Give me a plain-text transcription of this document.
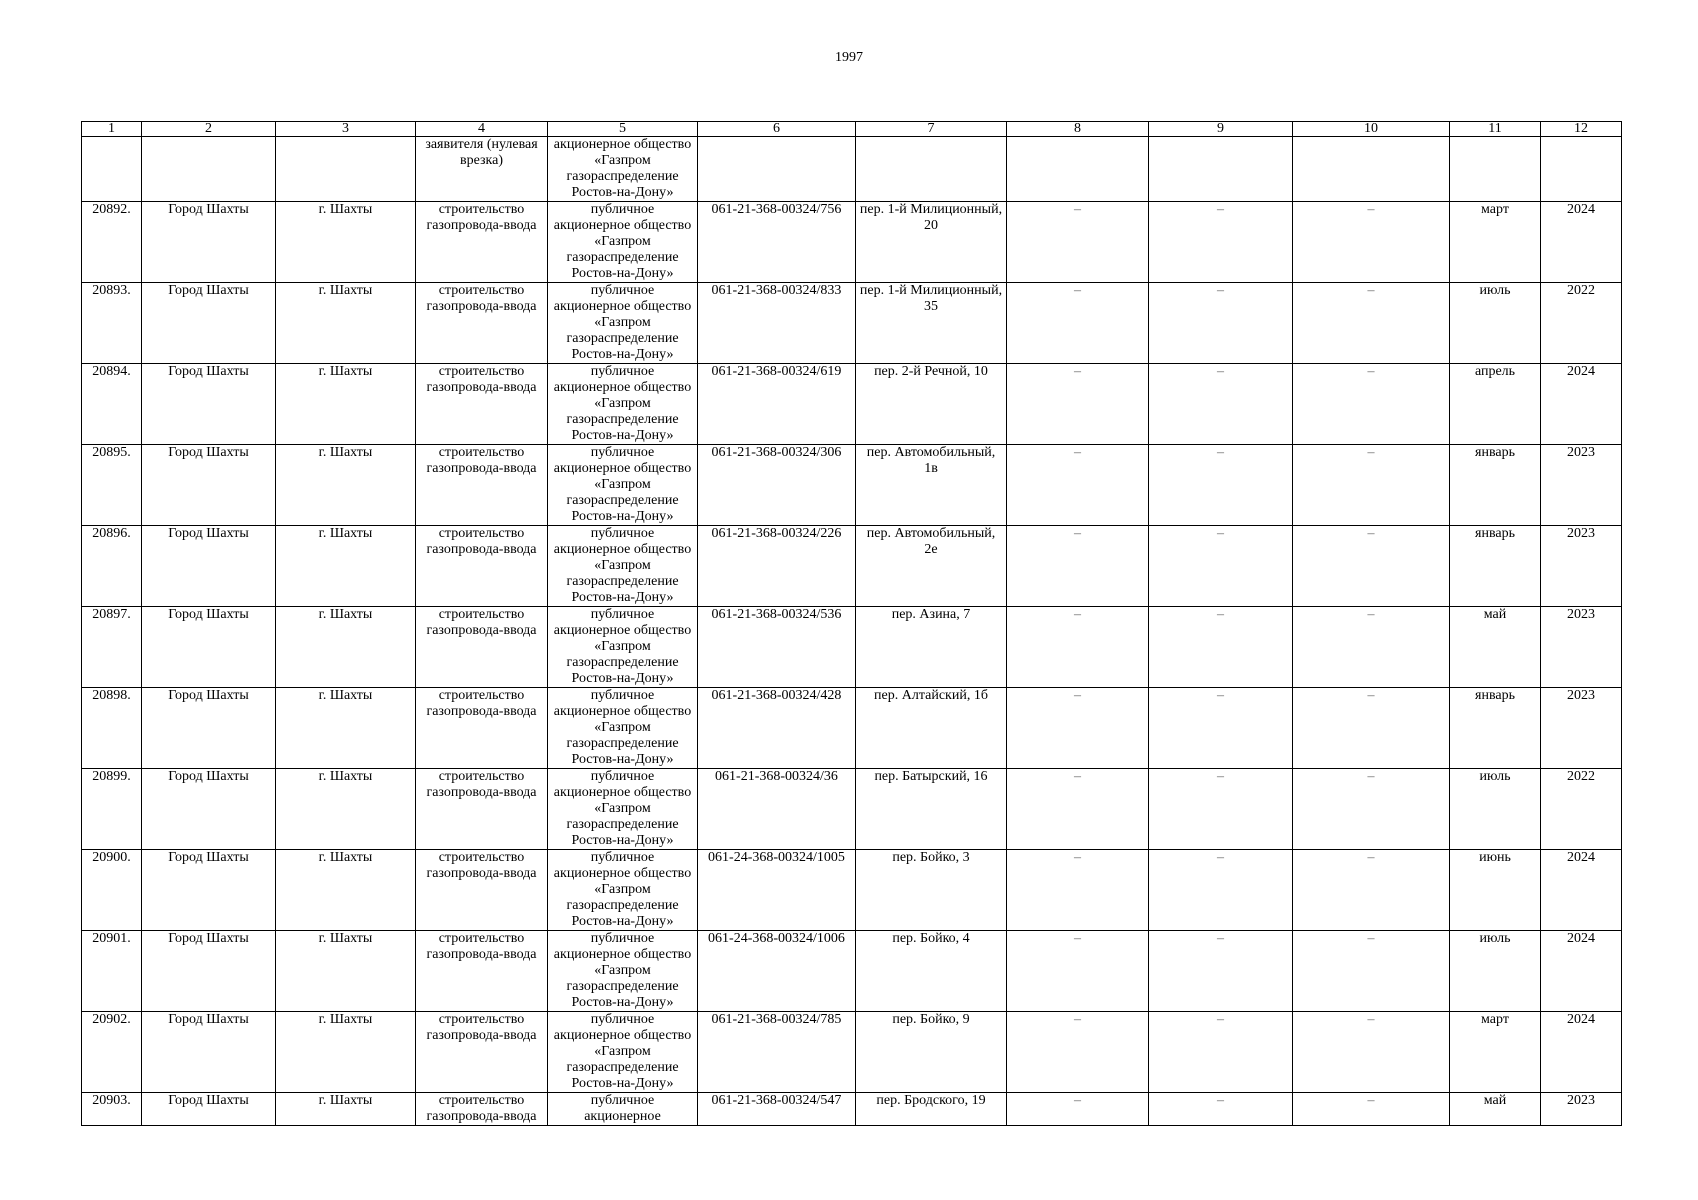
1997
1	2	3	4	5	6	7	8	9	10	11	12
			заявителя (нулевая врезка)	акционерное общество «Газпром газораспределение Ростов-на-Дону»							
20892.	Город Шахты	г. Шахты	строительство газопровода-ввода	публичное акционерное общество «Газпром газораспределение Ростов-на-Дону»	061-21-368-00324/756	пер. 1-й Милиционный, 20	–	–	–	март	2024
20893.	Город Шахты	г. Шахты	строительство газопровода-ввода	публичное акционерное общество «Газпром газораспределение Ростов-на-Дону»	061-21-368-00324/833	пер. 1-й Милиционный, 35	–	–	–	июль	2022
20894.	Город Шахты	г. Шахты	строительство газопровода-ввода	публичное акционерное общество «Газпром газораспределение Ростов-на-Дону»	061-21-368-00324/619	пер. 2-й Речной, 10	–	–	–	апрель	2024
20895.	Город Шахты	г. Шахты	строительство газопровода-ввода	публичное акционерное общество «Газпром газораспределение Ростов-на-Дону»	061-21-368-00324/306	пер. Автомобильный, 1в	–	–	–	январь	2023
20896.	Город Шахты	г. Шахты	строительство газопровода-ввода	публичное акционерное общество «Газпром газораспределение Ростов-на-Дону»	061-21-368-00324/226	пер. Автомобильный, 2е	–	–	–	январь	2023
20897.	Город Шахты	г. Шахты	строительство газопровода-ввода	публичное акционерное общество «Газпром газораспределение Ростов-на-Дону»	061-21-368-00324/536	пер. Азина, 7	–	–	–	май	2023
20898.	Город Шахты	г. Шахты	строительство газопровода-ввода	публичное акционерное общество «Газпром газораспределение Ростов-на-Дону»	061-21-368-00324/428	пер. Алтайский, 1б	–	–	–	январь	2023
20899.	Город Шахты	г. Шахты	строительство газопровода-ввода	публичное акционерное общество «Газпром газораспределение Ростов-на-Дону»	061-21-368-00324/36	пер. Батырский, 16	–	–	–	июль	2022
20900.	Город Шахты	г. Шахты	строительство газопровода-ввода	публичное акционерное общество «Газпром газораспределение Ростов-на-Дону»	061-24-368-00324/1005	пер. Бойко, 3	–	–	–	июнь	2024
20901.	Город Шахты	г. Шахты	строительство газопровода-ввода	публичное акционерное общество «Газпром газораспределение Ростов-на-Дону»	061-24-368-00324/1006	пер. Бойко, 4	–	–	–	июль	2024
20902.	Город Шахты	г. Шахты	строительство газопровода-ввода	публичное акционерное общество «Газпром газораспределение Ростов-на-Дону»	061-21-368-00324/785	пер. Бойко, 9	–	–	–	март	2024
20903.	Город Шахты	г. Шахты	строительство газопровода-ввода	публичное акционерное	061-21-368-00324/547	пер. Бродского, 19	–	–	–	май	2023
